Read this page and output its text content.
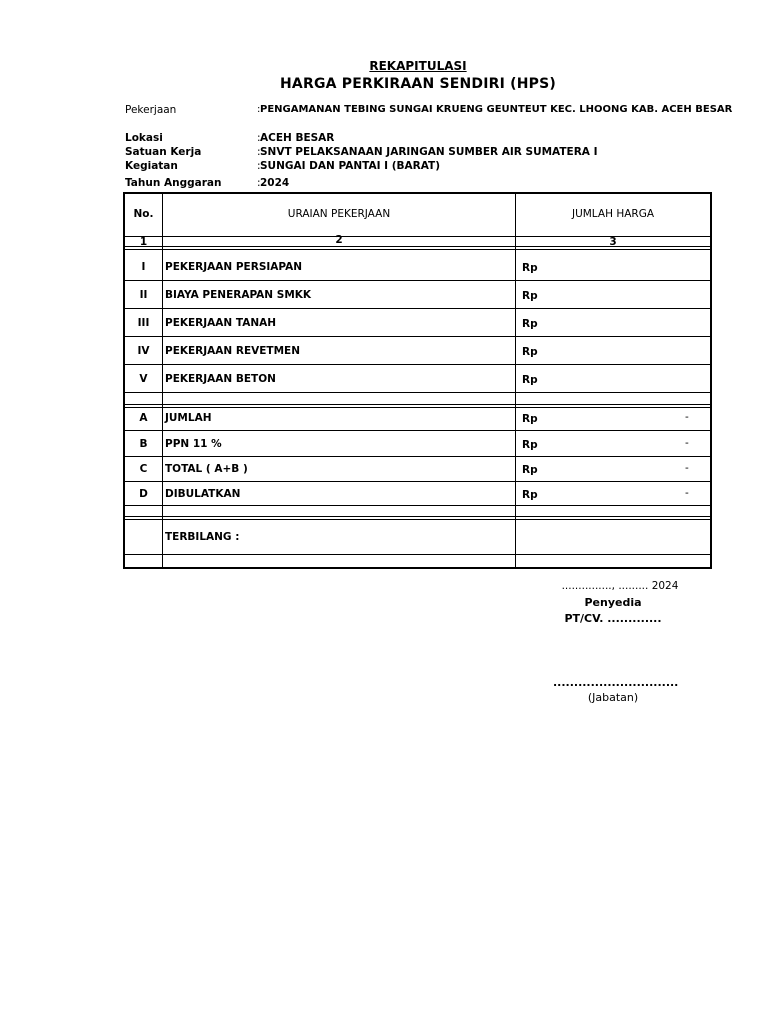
REKAPITULASI
HARGA PERKIRAAN SENDIRI (HPS)
Pekerjaan	: PENGAMANAN TEBING SUNGAI KRUENG GEUNTEUT KEC. LHOONG KAB. ACEH BESAR
Lokasi	: ACEH BESAR
Satuan Kerja	: SNVT PELAKSANAAN JARINGAN SUMBER AIR SUMATERA I
Kegiatan	: SUNGAI DAN PANTAI I (BARAT)
Tahun Anggaran	: 2024
No.	URAIAN PEKERJAAN	JUMLAH HARGA
1	2	3
I	PEKERJAAN PERSIAPAN	Rp
II	BIAYA PENERAPAN SMKK	Rp
III	PEKERJAAN TANAH	Rp
IV	PEKERJAAN REVETMEN	Rp
V	PEKERJAAN BETON	Rp
A	JUMLAH	Rp	-
B	PPN 11 %	Rp	-
C	TOTAL ( A+B )	Rp	-
D	DIBULATKAN	Rp	-
TERBILANG :
..............., ......... 2024
Penyedia
PT/CV. .............
..............................
(Jabatan)
